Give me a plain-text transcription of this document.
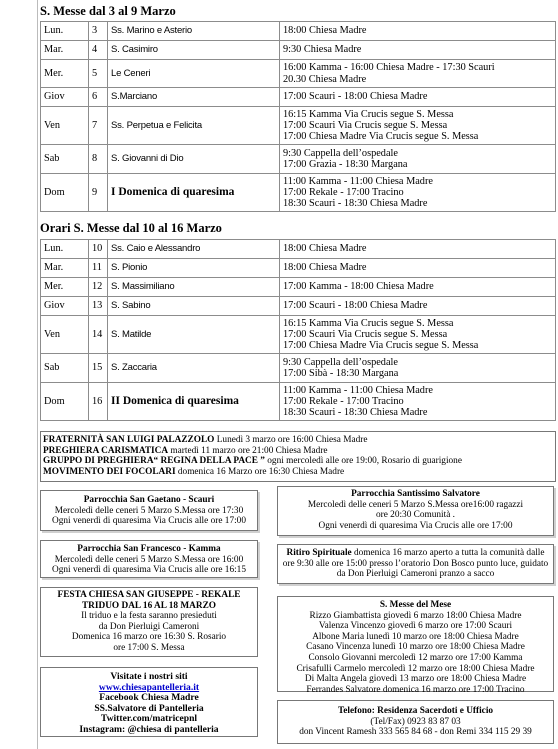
S. Messe dal 3 al 9 Marzo
Lun.	3	Ss. Marino e Asterio	18:00 Chiesa Madre

Mar.	4	S. Casimiro	9:30 Chiesa Madre

Mer.	5	Le Ceneri	16:00 Kamma - 16:00 Chiesa Madre - 17:30 Scauri
20.30 Chiesa Madre

Giov	6	S.Marciano	17:00 Scauri - 18:00 Chiesa Madre

Ven	7	Ss. Perpetua e Felicita	16:15 Kamma Via Crucis segue S. Messa
17:00 Scauri Via Crucis segue S. Messa
17:00 Chiesa Madre Via Crucis segue S. Messa

Sab	8	S. Giovanni di Dio	9:30 Cappella dell’ospedale
17:00 Grazia - 18:30 Margana

Dom	9	I Domenica di quaresima	11:00 Kamma - 11:00 Chiesa Madre
17:00 Rekale - 17:00 Tracino
18:30 Scauri - 18:30 Chiesa Madre
Orari S. Messe dal 10 al 16 Marzo
Lun.	10	Ss. Caio e Alessandro	18:00 Chiesa Madre

Mar.	11	S. Pionio	18:00 Chiesa Madre

Mer.	12	S. Massimiliano	17:00 Kamma - 18:00 Chiesa Madre

Giov	13	S. Sabino	17:00 Scauri - 18:00 Chiesa Madre

Ven	14	S. Matilde	16:15 Kamma Via Crucis segue S. Messa
17:00 Scauri Via Crucis segue S. Messa
17:00 Chiesa Madre Via Crucis segue S. Messa

Sab	15	S. Zaccaria	9:30 Cappella dell’ospedale
17:00 Sibà - 18:30 Margana

Dom	16	II Domenica di quaresima	11:00 Kamma - 11:00 Chiesa Madre
17:00 Rekale - 17:00 Tracino
18:30 Scauri - 18:30 Chiesa Madre
FRATERNITÀ SAN LUIGI PALAZZOLO Lunedì 3 marzo ore 16:00 Chiesa Madre
PREGHIERA CARISMATICA martedì 11 marzo ore 21:00 Chiesa Madre
GRUPPO DI PREGHIERA“ REGINA DELLA PACE ” ogni mercoledì alle ore 19:00, Rosario di guarigione
MOVIMENTO DEI FOCOLARI domenica 16 Marzo ore 16:30 Chiesa Madre
Parrocchia San Gaetano - Scauri
Mercoledì delle ceneri 5 Marzo S.Messa ore 17:30
Ogni venerdì di quaresima Via Crucis alle ore 17:00
Parrocchia San Francesco - Kamma
Mercoledì delle ceneri 5 Marzo S.Messa ore 16:00
Ogni venerdì di quaresima Via Crucis alle ore 16:15
FESTA CHIESA SAN GIUSEPPE - REKALE
TRIDUO DAL 16 AL 18 MARZO
Il triduo e la festa saranno presieduti
da Don Pierluigi Cameroni
Domenica 16 marzo ore 16:30 S. Rosario
ore 17:00 S. Messa
Visitate i nostri siti
www.chiesapantelleria.it
Facebook Chiesa Madre
SS.Salvatore di Pantelleria
Twitter.com/matricepnl
Instagram: @chiesa di pantelleria
Parrocchia Santissimo Salvatore
Mercoledì delle ceneri 5 Marzo S.Messa ore16:00 ragazzi
ore 20:30 Comunità .
Ogni venerdì di quaresima Via Crucis alle ore 17:00
Ritiro Spirituale domenica 16 marzo aperto a tutta la comunità dalle ore 9:30 alle ore 15:00 presso l’oratorio Don Bosco punto luce, guidato da Don Pierluigi Cameroni pranzo a sacco
S. Messe del Mese
Rizzo Giambattista giovedì 6 marzo 18:00 Chiesa Madre
Valenza Vincenzo giovedì 6 marzo ore 17:00 Scauri
Albone Maria lunedì 10 marzo ore 18:00 Chiesa Madre
Casano Vincenza lunedì 10 marzo ore 18:00 Chiesa Madre
Consolo Giovanni mercoledì 12 marzo ore 17:00 Kamma
Crisafulli Carmelo mercoledì 12 marzo ore 18:00 Chiesa Madre
Di Malta Angela giovedì 13 marzo ore 18:00 Chiesa Madre
Ferrandes Salvatore domenica 16 marzo ore 17:00 Tracino
Telefono: Residenza Sacerdoti e Ufficio
(Tel/Fax) 0923 83 87 03
don Vincent Ramesh 333 565 84 68 - don Remi 334 115 29 39
